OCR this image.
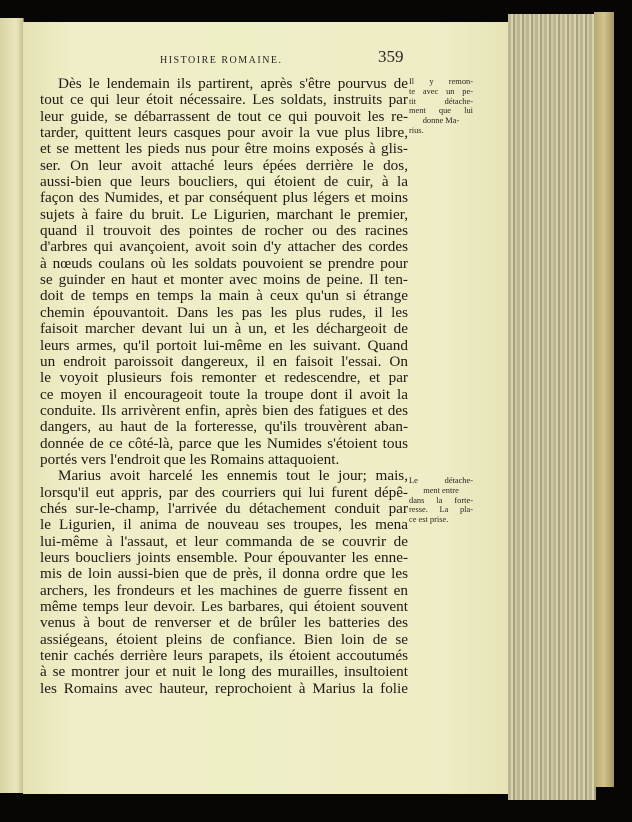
HISTOIRE ROMAINE.	359
Dès le lendemain ils partirent, après s'être pourvus de
tout ce qui leur étoit nécessaire. Les soldats, instruits par
leur guide, se débarrassent de tout ce qui pouvoit les re-
tarder, quittent leurs casques pour avoir la vue plus libre,
et se mettent les pieds nus pour être moins exposés à glis-
ser. On leur avoit attaché leurs épées derrière le dos,
aussi-bien que leurs boucliers, qui étoient de cuir, à la
façon des Numides, et par conséquent plus légers et moins
sujets à faire du bruit. Le Ligurien, marchant le premier,
quand il trouvoit des pointes de rocher ou des racines
d'arbres qui avançoient, avoit soin d'y attacher des cordes
à nœuds coulans où les soldats pouvoient se prendre pour
se guinder en haut et monter avec moins de peine. Il ten-
doit de temps en temps la main à ceux qu'un si étrange
chemin épouvantoit. Dans les pas les plus rudes, il les
faisoit marcher devant lui un à un, et les déchargeoit de
leurs armes, qu'il portoit lui-même en les suivant. Quand
un endroit paroissoit dangereux, il en faisoit l'essai. On
le voyoit plusieurs fois remonter et redescendre, et par
ce moyen il encourageoit toute la troupe dont il avoit la
conduite. Ils arrivèrent enfin, après bien des fatigues et des
dangers, au haut de la forteresse, qu'ils trouvèrent aban-
donnée de ce côté-là, parce que les Numides s'étoient tous
portés vers l'endroit que les Romains attaquoient.
Marius avoit harcelé les ennemis tout le jour; mais,
lorsqu'il eut appris, par des courriers qui lui furent dépê-
chés sur-le-champ, l'arrivée du détachement conduit par
le Ligurien, il anima de nouveau ses troupes, les mena
lui-même à l'assaut, et leur commanda de se couvrir de
leurs boucliers joints ensemble. Pour épouvanter les enne-
mis de loin aussi-bien que de près, il donna ordre que les
archers, les frondeurs et les machines de guerre fissent en
même temps leur devoir. Les barbares, qui étoient souvent
venus à bout de renverser et de brûler les batteries des
assiégeans, étoient pleins de confiance. Bien loin de se
tenir cachés derrière leurs parapets, ils étoient accoutumés
à se montrer jour et nuit le long des murailles, insultoient
les Romains avec hauteur, reprochoient à Marius la folie
Il y remon-
te avec un pe-
tit détache-
ment que lui
donne Ma-
rius.
Le détache-
ment entre
dans la forte-
resse. La pla-
ce est prise.
